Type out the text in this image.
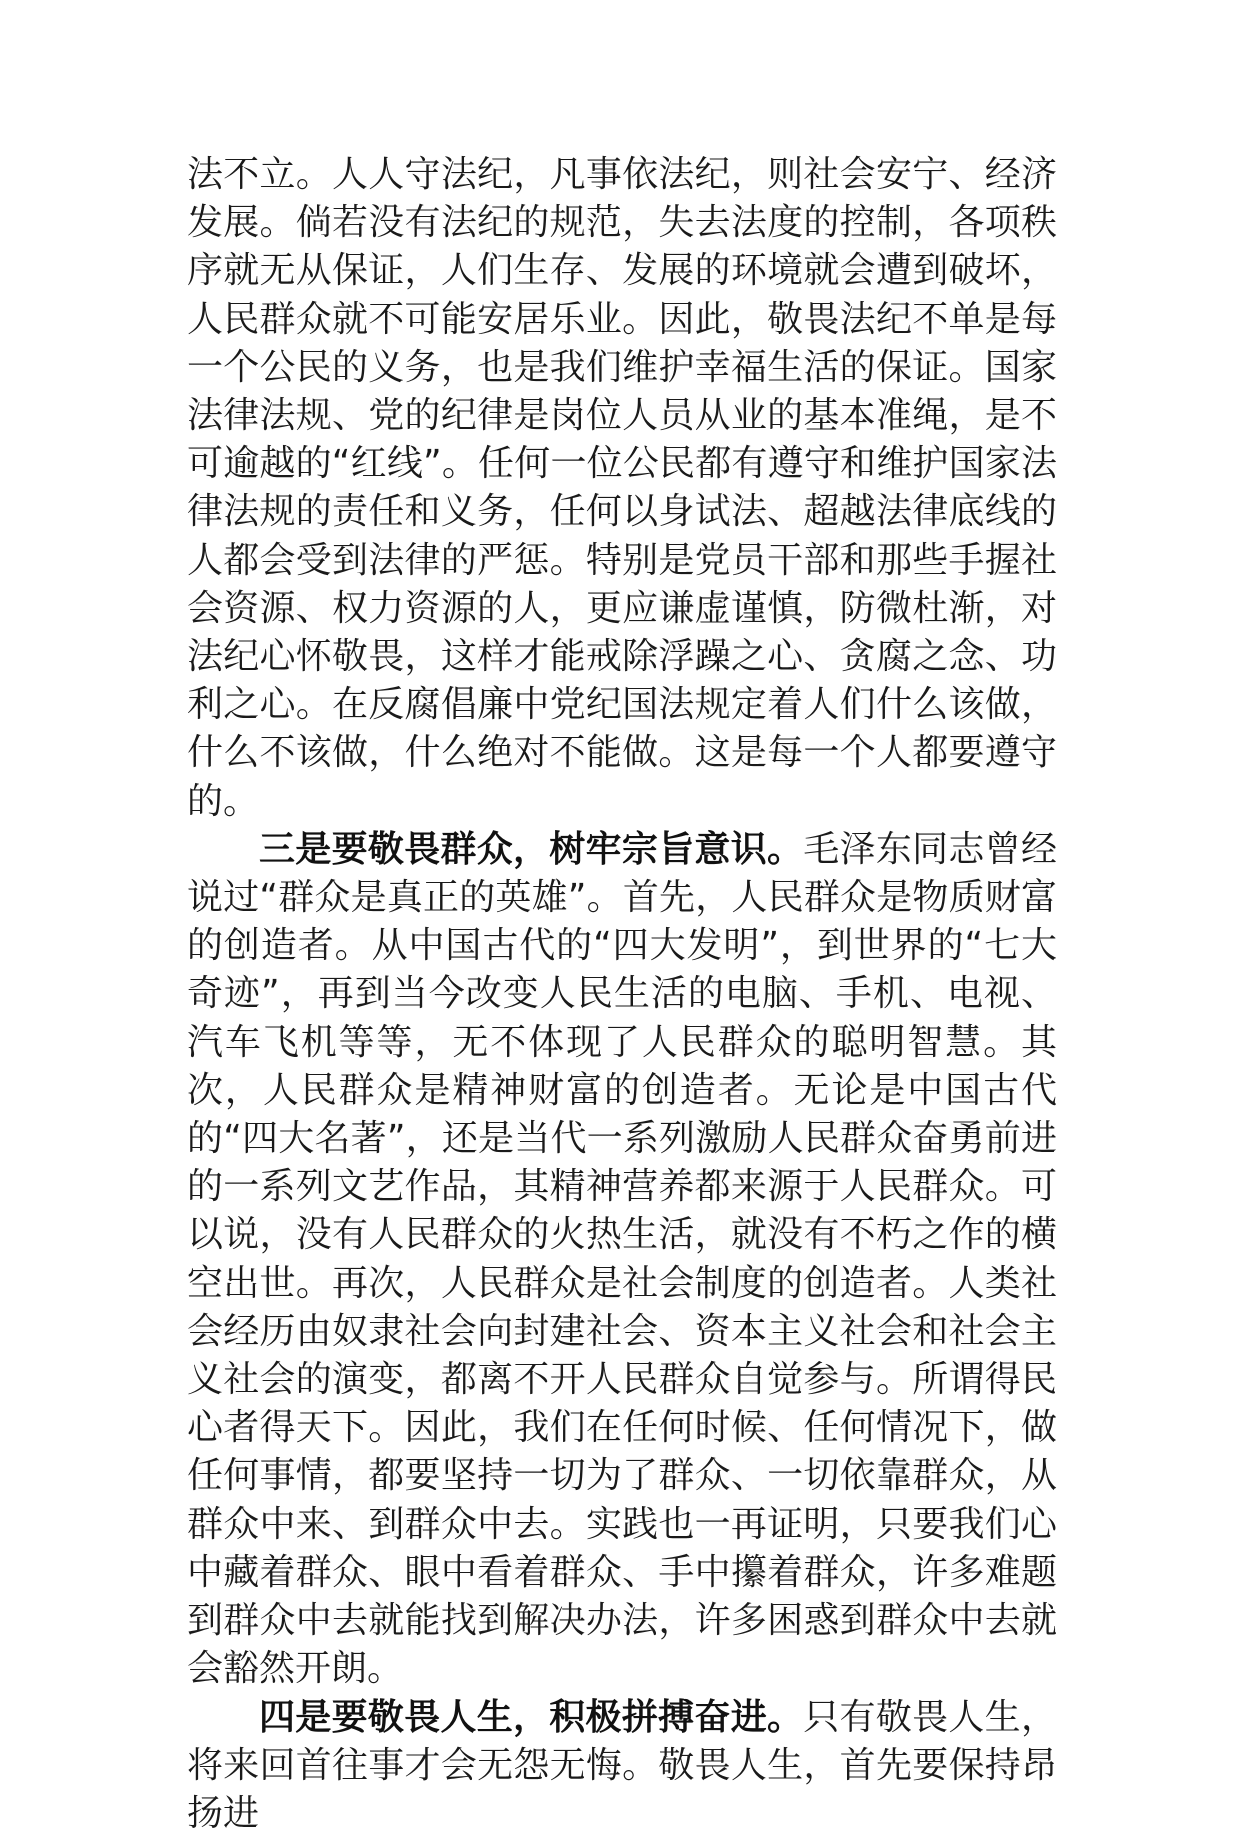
法不立。人人守法纪，凡事依法纪，则社会安宁、经济发展。倘若没有法纪的规范，失去法度的控制，各项秩序就无从保证，人们生存、发展的环境就会遭到破坏，人民群众就不可能安居乐业。因此，敬畏法纪不单是每一个公民的义务，也是我们维护幸福生活的保证。国家法律法规、党的纪律是岗位人员从业的基本准绳，是不可逾越的“红线”。任何一位公民都有遵守和维护国家法律法规的责任和义务，任何以身试法、超越法律底线的人都会受到法律的严惩。特别是党员干部和那些手握社会资源、权力资源的人，更应谦虚谨慎，防微杜渐，对法纪心怀敬畏，这样才能戒除浮躁之心、贪腐之念、功利之心。在反腐倡廉中党纪国法规定着人们什么该做，什么不该做，什么绝对不能做。这是每一个人都要遵守的。

三是要敬畏群众，树牢宗旨意识。毛泽东同志曾经说过“群众是真正的英雄”。首先，人民群众是物质财富的创造者。从中国古代的“四大发明”，到世界的“七大奇迹”，再到当今改变人民生活的电脑、手机、电视、汽车飞机等等，无不体现了人民群众的聪明智慧。其次，人民群众是精神财富的创造者。无论是中国古代的“四大名著”，还是当代一系列激励人民群众奋勇前进的一系列文艺作品，其精神营养都来源于人民群众。可以说，没有人民群众的火热生活，就没有不朽之作的横空出世。再次，人民群众是社会制度的创造者。人类社会经历由奴隶社会向封建社会、资本主义社会和社会主义社会的演变，都离不开人民群众自觉参与。所谓得民心者得天下。因此，我们在任何时候、任何情况下，做任何事情，都要坚持一切为了群众、一切依靠群众，从群众中来、到群众中去。实践也一再证明，只要我们心中藏着群众、眼中看着群众、手中攥着群众，许多难题到群众中去就能找到解决办法，许多困惑到群众中去就会豁然开朗。

四是要敬畏人生，积极拼搏奋进。只有敬畏人生，将来回首往事才会无怨无悔。敬畏人生，首先要保持昂扬进
